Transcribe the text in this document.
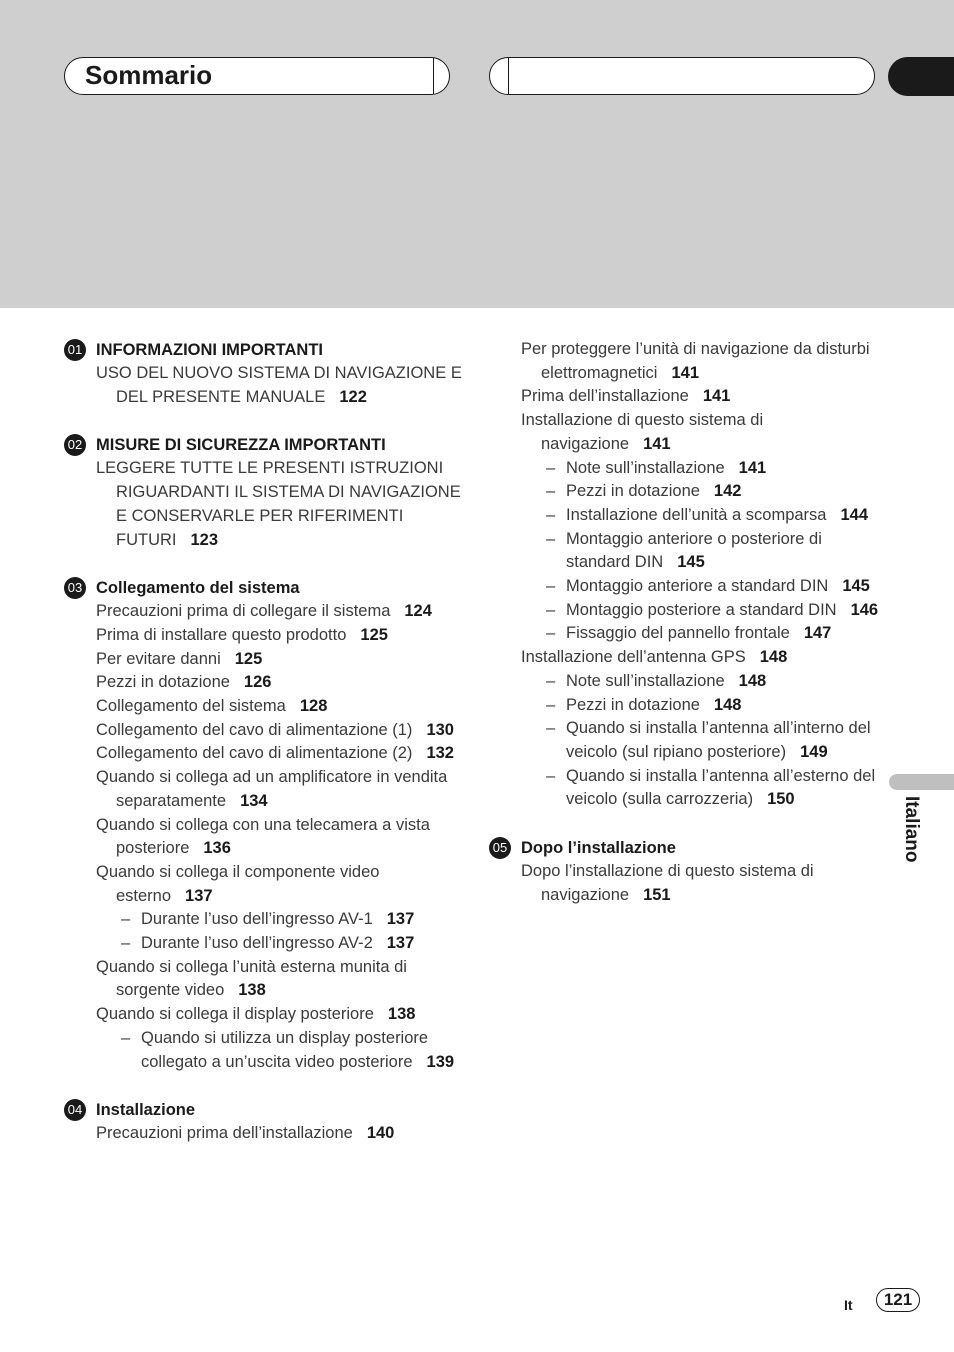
Sommario
01 INFORMAZIONI IMPORTANTI
USO DEL NUOVO SISTEMA DI NAVIGAZIONE E DEL PRESENTE MANUALE 122
02 MISURE DI SICUREZZA IMPORTANTI
LEGGERE TUTTE LE PRESENTI ISTRUZIONI RIGUARDANTI IL SISTEMA DI NAVIGAZIONE E CONSERVARLE PER RIFERIMENTI FUTURI 123
03 Collegamento del sistema
Precauzioni prima di collegare il sistema 124
Prima di installare questo prodotto 125
Per evitare danni 125
Pezzi in dotazione 126
Collegamento del sistema 128
Collegamento del cavo di alimentazione (1) 130
Collegamento del cavo di alimentazione (2) 132
Quando si collega ad un amplificatore in vendita separatamente 134
Quando si collega con una telecamera a vista posteriore 136
Quando si collega il componente video esterno 137
– Durante l’uso dell’ingresso AV-1 137
– Durante l’uso dell’ingresso AV-2 137
Quando si collega l’unità esterna munita di sorgente video 138
Quando si collega il display posteriore 138
– Quando si utilizza un display posteriore collegato a un’uscita video posteriore 139
04 Installazione
Precauzioni prima dell’installazione 140
Per proteggere l’unità di navigazione da disturbi elettromagnetici 141
Prima dell’installazione 141
Installazione di questo sistema di navigazione 141
– Note sull’installazione 141
– Pezzi in dotazione 142
– Installazione dell’unità a scomparsa 144
– Montaggio anteriore o posteriore di standard DIN 145
– Montaggio anteriore a standard DIN 145
– Montaggio posteriore a standard DIN 146
– Fissaggio del pannello frontale 147
Installazione dell’antenna GPS 148
– Note sull’installazione 148
– Pezzi in dotazione 148
– Quando si installa l’antenna all’interno del veicolo (sul ripiano posteriore) 149
– Quando si installa l’antenna all’esterno del veicolo (sulla carrozzeria) 150
05 Dopo l’installazione
Dopo l’installazione di questo sistema di navigazione 151
Italiano
It	121
